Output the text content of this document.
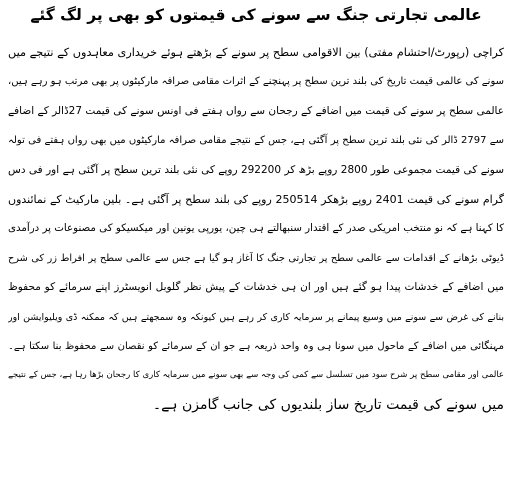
عالمی تجارتی جنگ سے سونے کی قیمتوں کو بھی پر لگ گئے
کراچی (رپورٹ/احتشام مفتی) بین الاقوامی سطح پر سونے کے بڑھتے ہوئے خریداری معاہدوں کے نتیجے میں
سونے کی عالمی قیمت تاریخ کی بلند ترین سطح پر پہنچنے کے اثرات مقامی صرافہ مارکیٹوں پر بھی مرتب ہو رہے ہیں،
عالمی سطح پر سونے کی قیمت میں اضافے کے رجحان سے رواں ہفتے فی اونس سونے کی قیمت 27ڈالر کے اضافے
سے 2797 ڈالر کی نئی بلند ترین سطح پر آگئی ہے، جس کے نتیجے مقامی صرافہ مارکیٹوں میں بھی رواں ہفتے فی تولہ
سونے کی قیمت مجموعی طور 2800 روپے بڑھ کر 292200 روپے کی نئی بلند ترین سطح پر آگئی ہے اور فی دس
گرام سونے کی قیمت 2401 روپے بڑھکر 250514 روپے کی بلند سطح پر آگئی ہے۔ بلین مارکیٹ کے نمائندوں
کا کہنا ہے کہ نو منتخب امریکی صدر کے اقتدار سنبھالتے ہی چین، یورپی یونین اور میکسیکو کی مصنوعات پر درآمدی
ڈیوٹی بڑھانے کے اقدامات سے عالمی سطح پر تجارتی جنگ کا آغاز ہو گیا ہے جس سے عالمی سطح پر افراط زر کی شرح
میں اضافے کے خدشات پیدا ہو گئے ہیں اور ان ہی خدشات کے پیش نظر گلوبل انویسٹرز اپنے سرمائے کو محفوظ
بنانے کی غرض سے سونے میں وسیع پیمانے پر سرمایہ کاری کر رہے ہیں کیونکہ وہ سمجھتے ہیں کہ ممکنہ ڈی ویلیوایشن اور
مہنگائی میں اضافے کے ماحول میں سونا ہی وہ واحد ذریعہ ہے جو ان کے سرمائے کو نقصان سے محفوظ بنا سکتا ہے۔
عالمی اور مقامی سطح پر شرح سود میں تسلسل سے کمی کی وجہ سے بھی سونے میں سرمایہ کاری کا رجحان بڑھا رہا ہے، جس کے نتیجے
میں سونے کی قیمت تاریخ ساز بلندیوں کی جانب گامزن ہے۔
